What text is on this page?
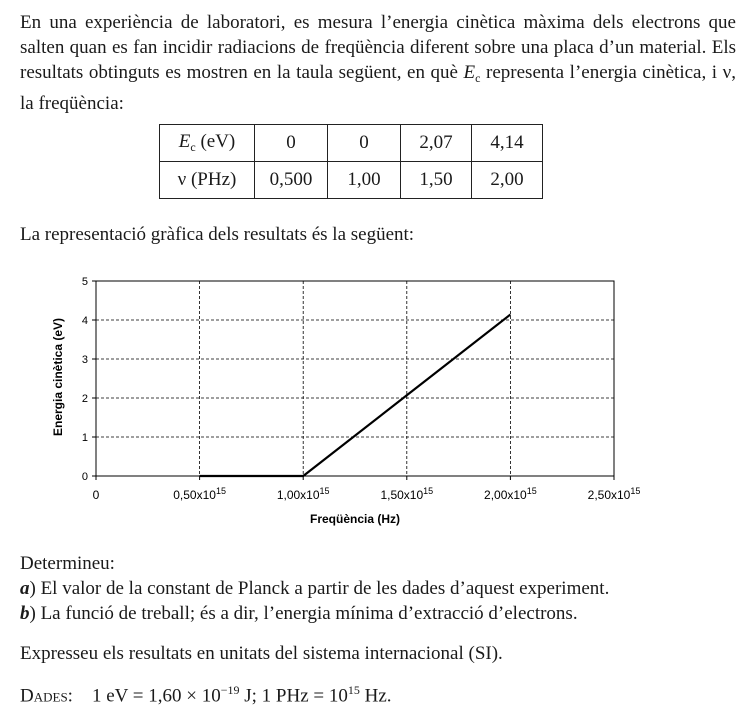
En una experiència de laboratori, es mesura l’energia cinètica màxima dels electrons que salten quan es fan incidir radiacions de freqüència diferent sobre una placa d’un material. Els resultats obtinguts es mostren en la taula següent, en què $E_c$ representa l’energia cinètica, i ν, la freqüència:
$E_c$ (eV)	0	0	2,07	4,14
ν (PHz)	0,500	1,00	1,50	2,00
La representació gràfica dels resultats és la següent:
0
1
2
3
4
5
0	$0,50x10^{15}$	$1,00x10^{15}$	$1,50x10^{15}$	$2,00x10^{15}$	$2,50x10^{15}$
Freqüència (Hz)
Energia cinètica (eV)
Determineu:
a) El valor de la constant de Planck a partir de les dades d’aquest experiment.
b) La funció de treball; és a dir, l’energia mínima d’extracció d’electrons.
Expresseu els resultats en unitats del sistema internacional (SI).
Dades: 1 eV = $1,60 \times 10^{-19}$ J; 1 PHz = $10^{15}$ Hz.
